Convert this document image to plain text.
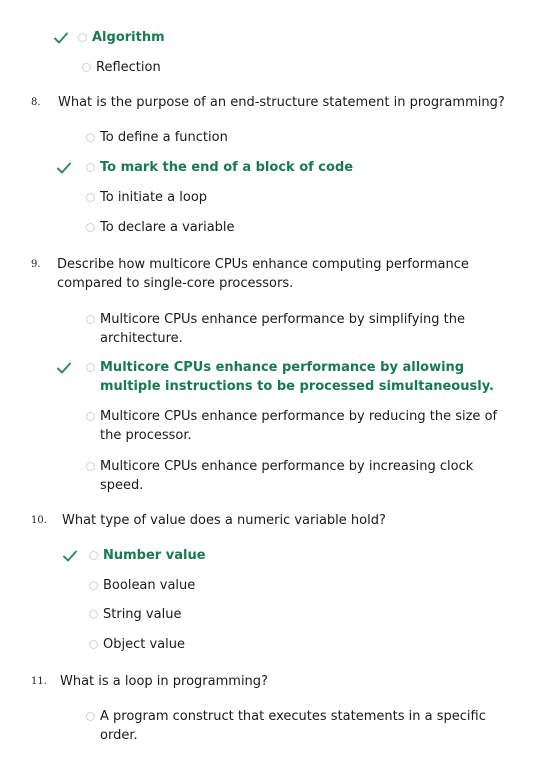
Algorithm
Reflection
8. What is the purpose of an end-structure statement in programming?
To define a function
To mark the end of a block of code
To initiate a loop
To declare a variable
9. Describe how multicore CPUs enhance computing performance compared to single-core processors.
Multicore CPUs enhance performance by simplifying the architecture.
Multicore CPUs enhance performance by allowing multiple instructions to be processed simultaneously.
Multicore CPUs enhance performance by reducing the size of the processor.
Multicore CPUs enhance performance by increasing clock speed.
10. What type of value does a numeric variable hold?
Number value
Boolean value
String value
Object value
11. What is a loop in programming?
A program construct that executes statements in a specific order.
